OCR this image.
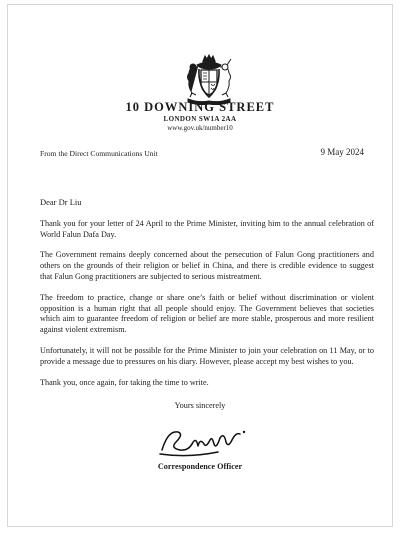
10 DOWNING STREET
LONDON SW1A 2AA
www.gov.uk/number10
From the Direct Communications Unit	9 May 2024

Dear Dr Liu

Thank you for your letter of 24 April to the Prime Minister, inviting him to the annual celebration of World Falun Dafa Day.

The Government remains deeply concerned about the persecution of Falun Gong practitioners and others on the grounds of their religion or belief in China, and there is credible evidence to suggest that Falun Gong practitioners are subjected to serious mistreatment.

The freedom to practice, change or share one’s faith or belief without discrimination or violent opposition is a human right that all people should enjoy. The Government believes that societies which aim to guarantee freedom of religion or belief are more stable, prosperous and more resilient against violent extremism.

Unfortunately, it will not be possible for the Prime Minister to join your celebration on 11 May, or to provide a message due to pressures on his diary. However, please accept my best wishes to you.

Thank you, once again, for taking the time to write.

Yours sincerely
Correspondence Officer
